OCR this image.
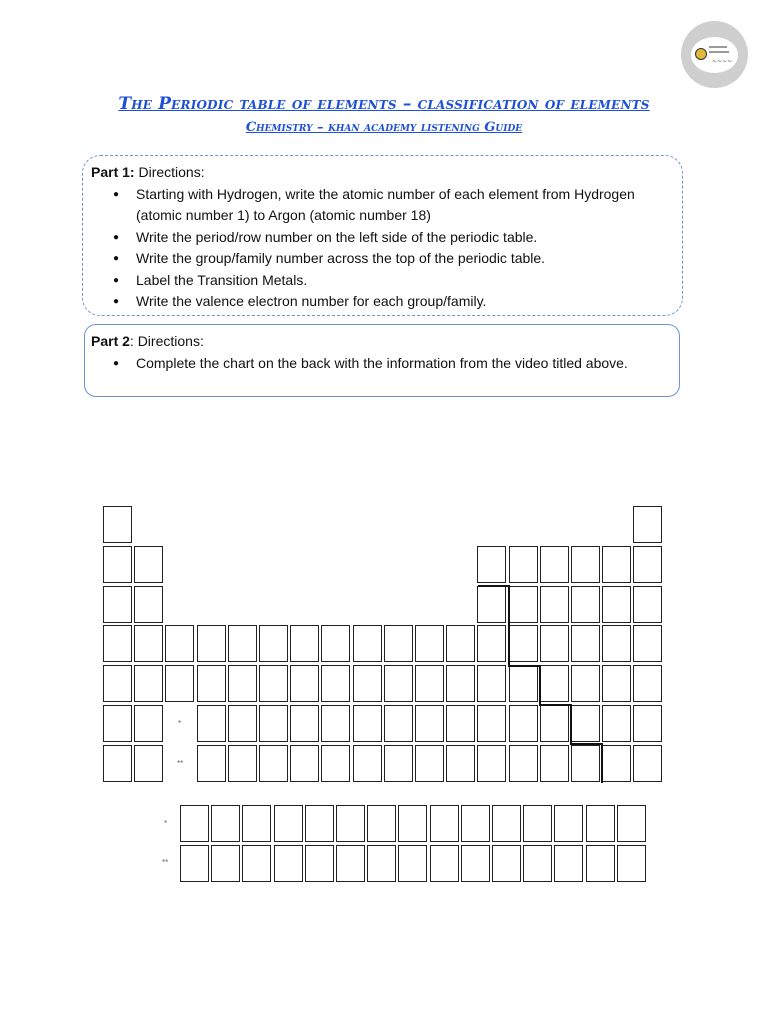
~~~~
The Periodic table of elements – classification of elements
Chemistry – khan academy listening Guide
Part 1: Directions:
● Starting with Hydrogen, write the atomic number of each element from Hydrogen (atomic number 1) to Argon (atomic number 18)
● Write the period/row number on the left side of the periodic table.
● Write the group/family number across the top of the periodic table.
● Label the Transition Metals.
● Write the valence electron number for each group/family.
Part 2: Directions:
● Complete the chart on the back with the information from the video titled above.
*
**
*
**
